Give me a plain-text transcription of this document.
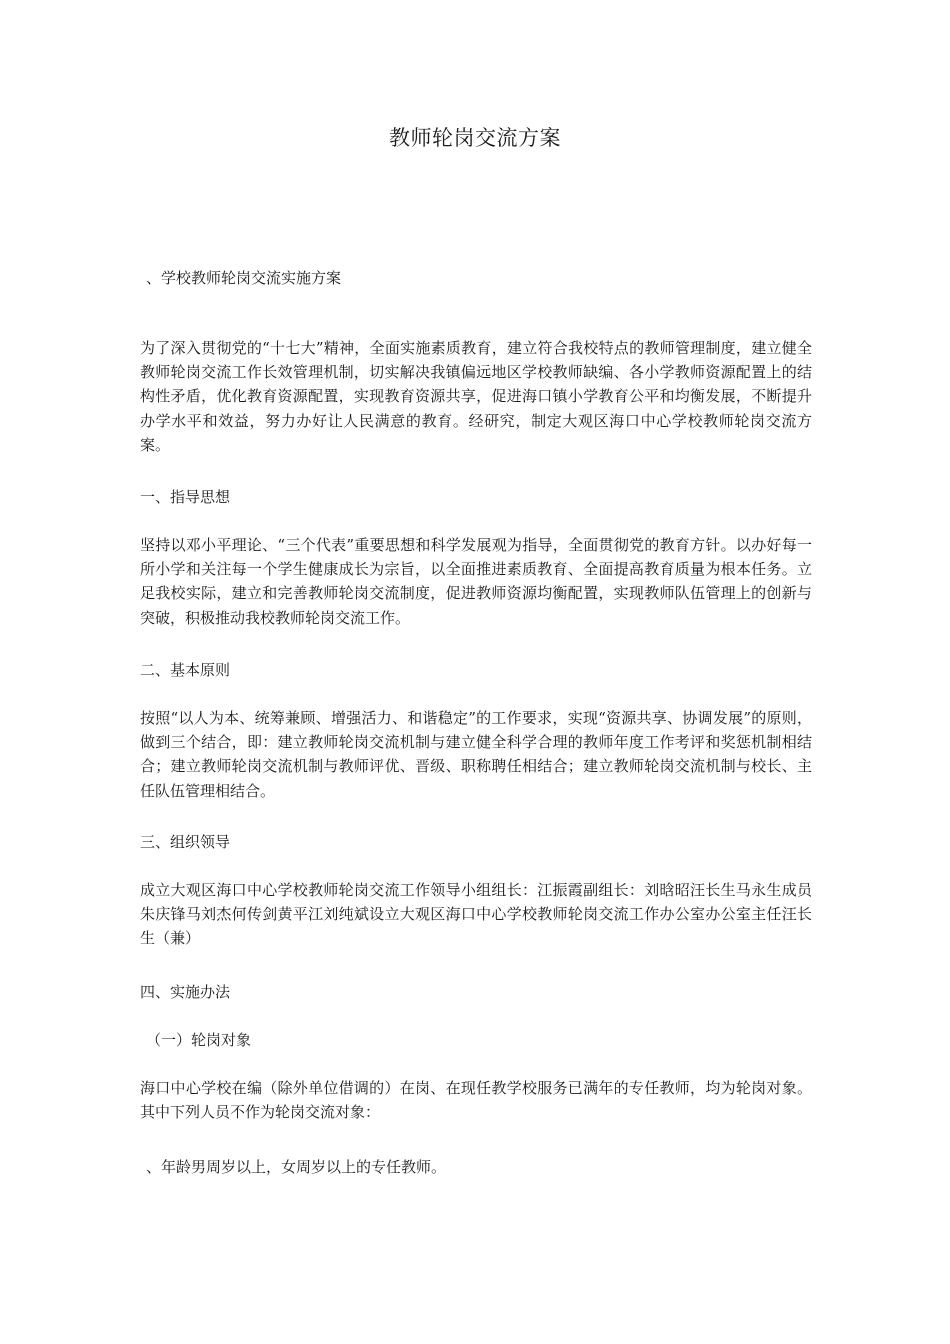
教师轮岗交流方案
、学校教师轮岗交流实施方案
为了深入贯彻党的“十七大”精神，全面实施素质教育，建立符合我校特点的教师管理制度，建立健全教师轮岗交流工作长效管理机制，切实解决我镇偏远地区学校教师缺编、各小学教师资源配置上的结构性矛盾，优化教育资源配置，实现教育资源共享，促进海口镇小学教育公平和均衡发展，不断提升办学水平和效益，努力办好让人民满意的教育。经研究，制定大观区海口中心学校教师轮岗交流方案。
一、指导思想
坚持以邓小平理论、“三个代表”重要思想和科学发展观为指导，全面贯彻党的教育方针。以办好每一所小学和关注每一个学生健康成长为宗旨，以全面推进素质教育、全面提高教育质量为根本任务。立足我校实际，建立和完善教师轮岗交流制度，促进教师资源均衡配置，实现教师队伍管理上的创新与突破，积极推动我校教师轮岗交流工作。
二、基本原则
按照“以人为本、统筹兼顾、增强活力、和谐稳定”的工作要求，实现“资源共享、协调发展”的原则，做到三个结合，即：建立教师轮岗交流机制与建立健全科学合理的教师年度工作考评和奖惩机制相结合；建立教师轮岗交流机制与教师评优、晋级、职称聘任相结合；建立教师轮岗交流机制与校长、主任队伍管理相结合。
三、组织领导
成立大观区海口中心学校教师轮岗交流工作领导小组组长：江振霞副组长：刘晗昭汪长生马永生成员朱庆锋马刘杰何传剑黄平江刘纯斌设立大观区海口中心学校教师轮岗交流工作办公室办公室主任汪长生（兼）
四、实施办法
（一）轮岗对象
海口中心学校在编（除外单位借调的）在岗、在现任教学校服务已满年的专任教师，均为轮岗对象。其中下列人员不作为轮岗交流对象：
、年龄男周岁以上，女周岁以上的专任教师。
